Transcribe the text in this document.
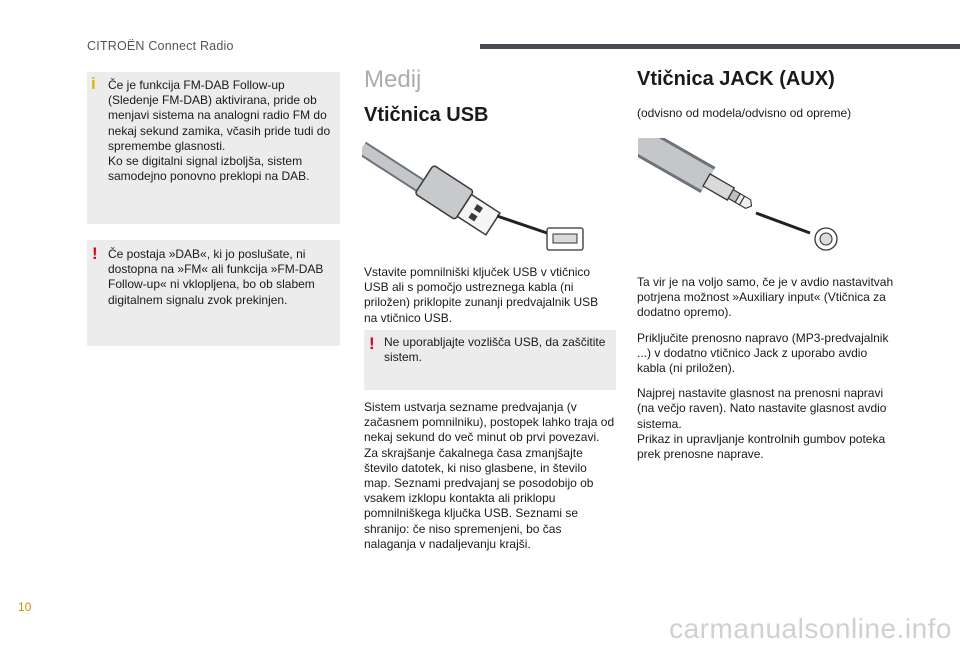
CITROËN Connect Radio
i Če je funkcija FM-DAB Follow-up (Sledenje FM-DAB) aktivirana, pride ob menjavi sistema na analogni radio FM do nekaj sekund zamika, včasih pride tudi do spremembe glasnosti.

Ko se digitalni signal izboljša, sistem samodejno ponovno preklopi na DAB.

! Če postaja »DAB«, ki jo poslušate, ni dostopna na »FM« ali funkcija »FM-DAB Follow-up« ni vklopljena, bo ob slabem digitalnem signalu zvok prekinjen.

Medij
Vtičnica USB

Vstavite pomnilniški ključek USB v vtičnico USB ali s pomočjo ustreznega kabla (ni priložen) priklopite zunanji predvajalnik USB na vtičnico USB.

! Ne uporabljajte vozlišča USB, da zaščitite sistem.

Sistem ustvarja sezname predvajanja (v začasnem pomnilniku), postopek lahko traja od nekaj sekund do več minut ob prvi povezavi.

Za skrajšanje čakalnega časa zmanjšajte število datotek, ki niso glasbene, in število map. Seznami predvajanj se posodobijo ob vsakem izklopu kontakta ali priklopu pomnilniškega ključka USB. Seznami se shranijo: če niso spremenjeni, bo čas nalaganja v nadaljevanju krajši.

Vtičnica JACK (AUX)

(odvisno od modela/odvisno od opreme)

Ta vir je na voljo samo, če je v avdio nastavitvah potrjena možnost »Auxiliary input« (Vtičnica za dodatno opremo).

Priključite prenosno napravo (MP3-predvajalnik ...) v dodatno vtičnico Jack z uporabo avdio kabla (ni priložen).

Najprej nastavite glasnost na prenosni napravi (na večjo raven). Nato nastavite glasnost avdio sistema.

Prikaz in upravljanje kontrolnih gumbov poteka prek prenosne naprave.

10
carmanualsonline.info
